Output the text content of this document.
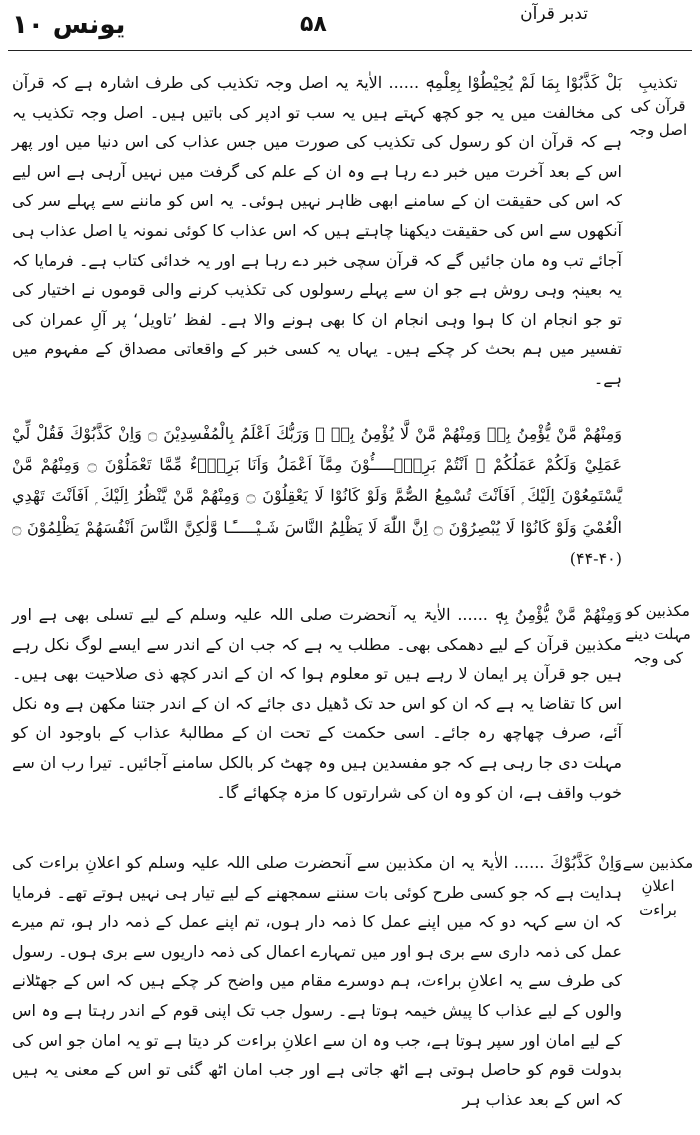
یونس ۱۰	۵۸	تدبر قرآن
تکذیبِ قرآن کی اصل وجہ
مکذبین کو مہلت دینے کی وجہ
مکذبین سے اعلانِ براءت

بَلْ كَذَّبُوْا بِمَا لَمْ يُحِيْطُوْا بِعِلْمِهٖ ...... الاٰیۃ یہ اصل وجہ تکذیب کی طرف اشارہ ہے کہ قرآن کی مخالفت میں یہ جو کچھ کہتے ہیں یہ سب تو ادپر کی باتیں ہیں۔ اصل وجہ تکذیب یہ ہے کہ قرآن ان کو رسول کی تکذیب کی صورت میں جس عذاب کی اس دنیا میں اور پھر اس کے بعد آخرت میں خبر دے رہا ہے وہ ان کے علم کی گرفت میں نہیں آرہی ہے اس لیے کہ اس کی حقیقت ان کے سامنے ابھی ظاہر نہیں ہوئی۔ یہ اس کو ماننے سے پہلے سر کی آنکھوں سے اس کی حقیقت دیکھنا چاہتے ہیں کہ اس عذاب کا کوئی نمونہ یا اصل عذاب ہی آجائے تب وہ مان جائیں گے کہ قرآن سچی خبر دے رہا ہے اور یہ خدائی کتاب ہے۔ فرمایا کہ یہ بعینہٖ وہی روش ہے جو ان سے پہلے رسولوں کی تکذیب کرنے والی قوموں نے اختیار کی تو جو انجام ان کا ہوا وہی انجام ان کا بھی ہونے والا ہے۔ لفظ ’تاویل‘ پر آلِ عمران کی تفسیر میں ہم بحث کر چکے ہیں۔ یہاں یہ کسی خبر کے واقعاتی مصداق کے مفہوم میں ہے۔

وَمِنْهُمْ مَّنْ يُّؤْمِنُ بِهٖ وَمِنْهُمْ مَّنْ لَّا يُؤْمِنُ بِهٖ ۭ وَرَبُّكَ اَعْلَمُ بِالْمُفْسِدِيْنَ ۝ وَاِنْ كَذَّبُوْكَ فَقُلْ لِّيْ عَمَلِيْ وَلَكُمْ عَمَلُكُمْ ۚ اَنْتُمْ بَرِيْۗـــــُٔوْنَ مِمَّآ اَعْمَلُ وَاَنَا بَرِيْۗءٌ مِّمَّا تَعْمَلُوْنَ ۝ وَمِنْهُمْ مَّنْ يَّسْتَمِعُوْنَ اِلَيْكَ ۭ اَفَاَنْتَ تُسْمِعُ الصُّمَّ وَلَوْ كَانُوْا لَا يَعْقِلُوْنَ ۝ وَمِنْهُمْ مَّنْ يَّنْظُرُ اِلَيْكَ ۭ اَفَاَنْتَ تَهْدِي الْعُمْيَ وَلَوْ كَانُوْا لَا يُبْصِرُوْنَ ۝ اِنَّ اللّٰهَ لَا يَظْلِمُ النَّاسَ شَـيْـــــًٔـا وَّلٰكِنَّ النَّاسَ اَنْفُسَھُمْ يَظْلِمُوْنَ ۝ (۴۰-۴۴)

وَمِنْهُمْ مَّنْ يُّؤْمِنُ بِهٖ ...... الاٰیۃ یہ آنحضرت صلی اللہ علیہ وسلم کے لیے تسلی بھی ہے اور مکذبین قرآن کے لیے دھمکی بھی۔ مطلب یہ ہے کہ جب ان کے اندر سے ایسے لوگ نکل رہے ہیں جو قرآن پر ایمان لا رہے ہیں تو معلوم ہوا کہ ان کے اندر کچھ ذی صلاحیت بھی ہیں۔ اس کا تقاضا یہ ہے کہ ان کو اس حد تک ڈھیل دی جائے کہ ان کے اندر جتنا مکھن ہے وہ نکل آئے، صرف چھاچھ رہ جائے۔ اسی حکمت کے تحت ان کے مطالبۂ عذاب کے باوجود ان کو مہلت دی جا رہی ہے کہ جو مفسدین ہیں وہ چھٹ کر بالکل سامنے آجائیں۔ تیرا رب ان سے خوب واقف ہے، ان کو وہ ان کی شرارتوں کا مزہ چکھائے گا۔

وَاِنْ كَذَّبُوْكَ ...... الاٰیۃ یہ ان مکذبین سے آنحضرت صلی اللہ علیہ وسلم کو اعلانِ براءت کی ہدایت ہے کہ جو کسی طرح کوئی بات سننے سمجھنے کے لیے تیار ہی نہیں ہوتے تھے۔ فرمایا کہ ان سے کہہ دو کہ میں اپنے عمل کا ذمہ دار ہوں، تم اپنے عمل کے ذمہ دار ہو، تم میرے عمل کی ذمہ داری سے بری ہو اور میں تمہارے اعمال کی ذمہ داریوں سے بری ہوں۔ رسول کی طرف سے یہ اعلانِ براءت، ہم دوسرے مقام میں واضح کر چکے ہیں کہ اس کے جھٹلانے والوں کے لیے عذاب کا پیش خیمہ ہوتا ہے۔ رسول جب تک اپنی قوم کے اندر رہتا ہے وہ اس کے لیے امان اور سپر ہوتا ہے، جب وہ ان سے اعلانِ براءت کر دیتا ہے تو یہ امان جو اس کی بدولت قوم کو حاصل ہوتی ہے اٹھ جاتی ہے اور جب امان اٹھ گئی تو اس کے معنی یہ ہیں کہ اس کے بعد عذاب ہر
